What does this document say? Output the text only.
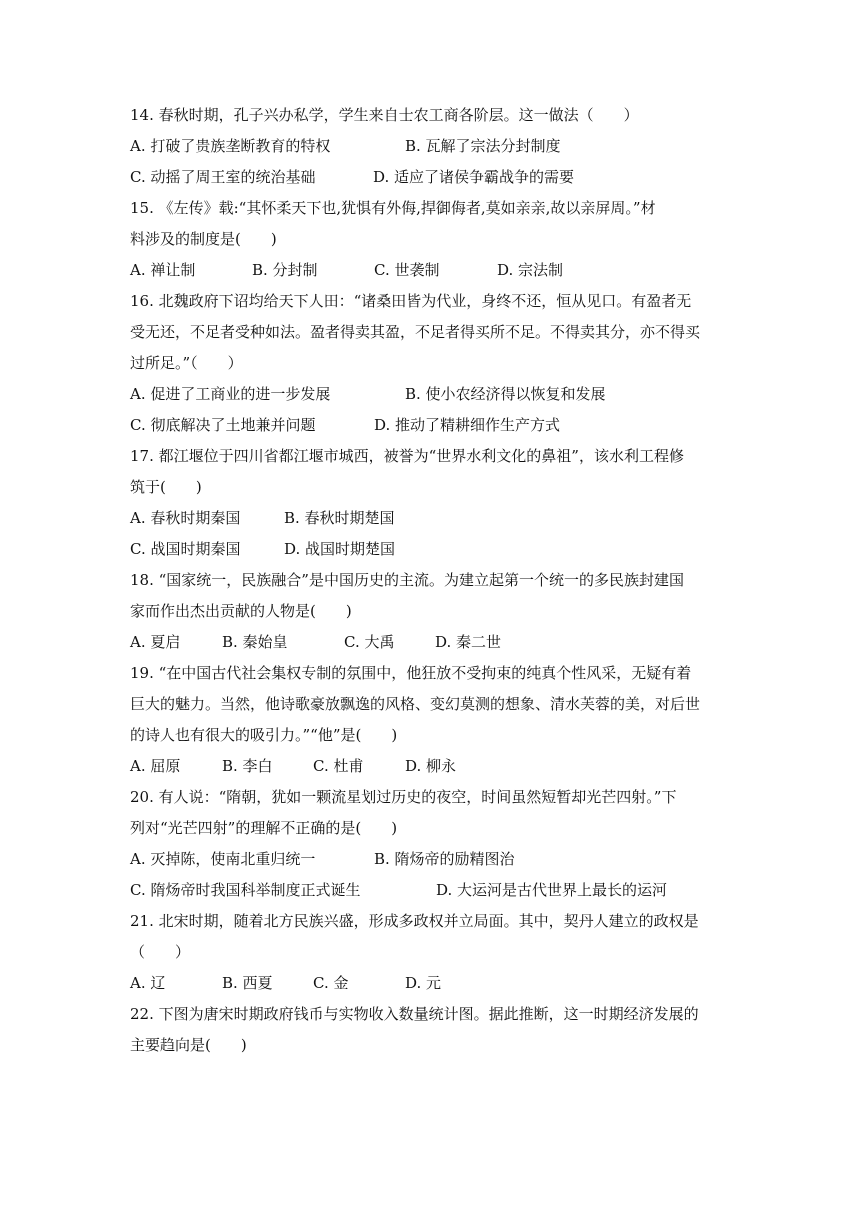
14. 春秋时期，孔子兴办私学，学生来自士农工商各阶层。这一做法（　　）
A. 打破了贵族垄断教育的特权	B. 瓦解了宗法分封制度
C. 动摇了周王室的统治基础	D. 适应了诸侯争霸战争的需要
15. 《左传》载:“其怀柔天下也,犹惧有外侮,捍御侮者,莫如亲亲,故以亲屏周。”材
料涉及的制度是(　　)
A. 禅让制	B. 分封制	C. 世袭制	D. 宗法制
16. 北魏政府下诏均给天下人田：“诸桑田皆为代业，身终不还，恒从见口。有盈者无
受无还，不足者受种如法。盈者得卖其盈，不足者得买所不足。不得卖其分，亦不得买
过所足。”（　　）
A. 促进了工商业的进一步发展	B. 使小农经济得以恢复和发展
C. 彻底解决了土地兼并问题	D. 推动了精耕细作生产方式
17. 都江堰位于四川省都江堰市城西，被誉为“世界水利文化的鼻祖”，该水利工程修
筑于(　　)
A. 春秋时期秦国	B. 春秋时期楚国
C. 战国时期秦国	D. 战国时期楚国
18. “国家统一，民族融合”是中国历史的主流。为建立起第一个统一的多民族封建国
家而作出杰出贡献的人物是(　　)
A. 夏启	B. 秦始皇	C. 大禹	D. 秦二世
19. “在中国古代社会集权专制的氛围中，他狂放不受拘束的纯真个性风采，无疑有着
巨大的魅力。当然，他诗歌豪放飘逸的风格、变幻莫测的想象、清水芙蓉的美，对后世
的诗人也有很大的吸引力。”“他”是(　　)
A. 屈原	B. 李白	C. 杜甫	D. 柳永
20. 有人说：“隋朝，犹如一颗流星划过历史的夜空，时间虽然短暂却光芒四射。”下
列对“光芒四射”的理解不正确的是(　　)
A. 灭掉陈，使南北重归统一	B. 隋炀帝的励精图治
C. 隋炀帝时我国科举制度正式诞生	D. 大运河是古代世界上最长的运河
21. 北宋时期，随着北方民族兴盛，形成多政权并立局面。其中，契丹人建立的政权是
（　　）
A. 辽	B. 西夏	C. 金	D. 元
22. 下图为唐宋时期政府钱币与实物收入数量统计图。据此推断，这一时期经济发展的
主要趋向是(　　)
